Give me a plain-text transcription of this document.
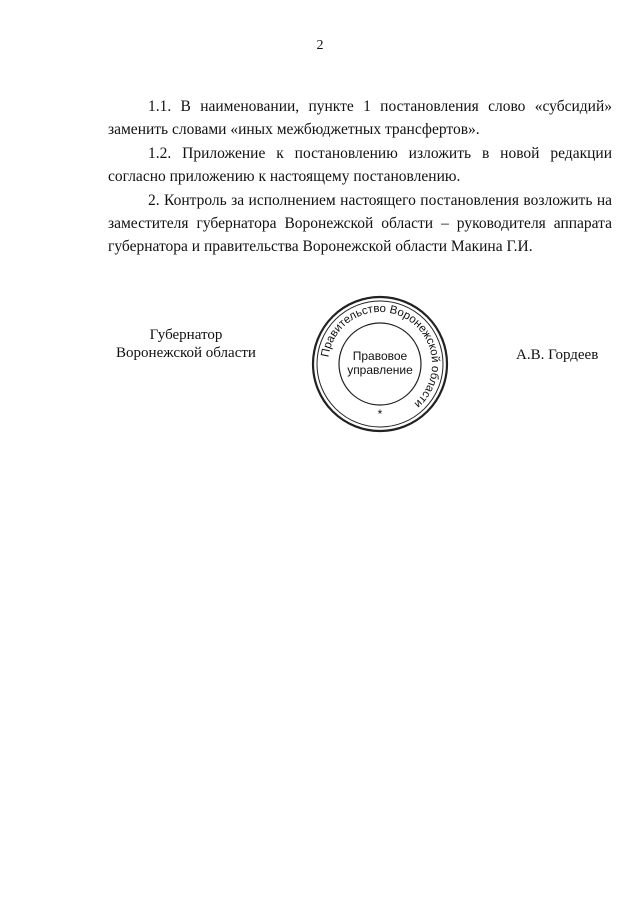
2

1.1. В наименовании, пункте 1 постановления слово «субсидий» заменить словами «иных межбюджетных трансфертов».

1.2. Приложение к постановлению изложить в новой редакции согласно приложению к настоящему постановлению.

2. Контроль за исполнением настоящего постановления возложить на заместителя губернатора Воронежской области – руководителя аппарата губернатора и правительства Воронежской области Макина Г.И.

Губернатор
Воронежской области	Правительство Воронежской области
Правовое
управление
*
А.В. Гордеев
